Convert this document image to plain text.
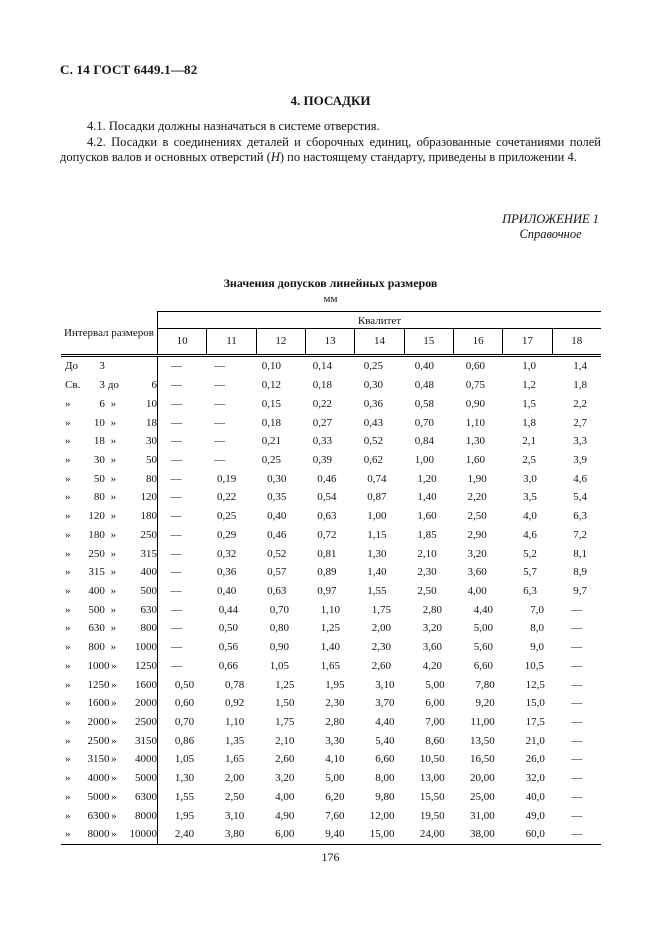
С. 14 ГОСТ 6449.1—82
4. ПОСАДКИ

4.1. Посадки должны назначаться в системе отверстия.

4.2. Посадки в соединениях деталей и сборочных единиц, образованные сочетаниями полей допусков валов и основных отверстий (Н) по настоящему стандарту, приведены в приложении 4.

ПРИЛОЖЕНИЕ 1
Справочное
Значения допусков линейных размеров
мм
Интервал размеров
Квалитет
10	11	12	13	14	15	16	17	18
До	3	—	—	0,10	0,14	0,25	0,40	0,60	1,0	1,4
Св.	3 до	6	—	—	0,12	0,18	0,30	0,48	0,75	1,2	1,8
»	6 »	10	—	—	0,15	0,22	0,36	0,58	0,90	1,5	2,2
»	10 »	18	—	—	0,18	0,27	0,43	0,70	1,10	1,8	2,7
»	18 »	30	—	—	0,21	0,33	0,52	0,84	1,30	2,1	3,3
»	30 »	50	—	—	0,25	0,39	0,62	1,00	1,60	2,5	3,9
»	50 »	80	—	0,19	0,30	0,46	0,74	1,20	1,90	3,0	4,6
»	80 »	120	—	0,22	0,35	0,54	0,87	1,40	2,20	3,5	5,4
»	120 »	180	—	0,25	0,40	0,63	1,00	1,60	2,50	4,0	6,3
»	180 »	250	—	0,29	0,46	0,72	1,15	1,85	2,90	4,6	7,2
»	250 »	315	—	0,32	0,52	0,81	1,30	2,10	3,20	5,2	8,1
»	315 »	400	—	0,36	0,57	0,89	1,40	2,30	3,60	5,7	8,9
»	400 »	500	—	0,40	0,63	0,97	1,55	2,50	4,00	6,3	9,7
»	500 »	630	—	0,44	0,70	1,10	1,75	2,80	4,40	7,0	—
»	630 »	800	—	0,50	0,80	1,25	2,00	3,20	5,00	8,0	—
»	800 »	1000	—	0,56	0,90	1,40	2,30	3,60	5,60	9,0	—
»	1000 »	1250	—	0,66	1,05	1,65	2,60	4,20	6,60	10,5	—
»	1250 »	1600	0,50	0,78	1,25	1,95	3,10	5,00	7,80	12,5	—
»	1600 »	2000	0,60	0,92	1,50	2,30	3,70	6,00	9,20	15,0	—
»	2000 »	2500	0,70	1,10	1,75	2,80	4,40	7,00	11,00	17,5	—
»	2500 »	3150	0,86	1,35	2,10	3,30	5,40	8,60	13,50	21,0	—
»	3150 »	4000	1,05	1,65	2,60	4,10	6,60	10,50	16,50	26,0	—
»	4000 »	5000	1,30	2,00	3,20	5,00	8,00	13,00	20,00	32,0	—
»	5000 »	6300	1,55	2,50	4,00	6,20	9,80	15,50	25,00	40,0	—
»	6300 »	8000	1,95	3,10	4,90	7,60	12,00	19,50	31,00	49,0	—
»	8000 »	10000	2,40	3,80	6,00	9,40	15,00	24,00	38,00	60,0	—
176
